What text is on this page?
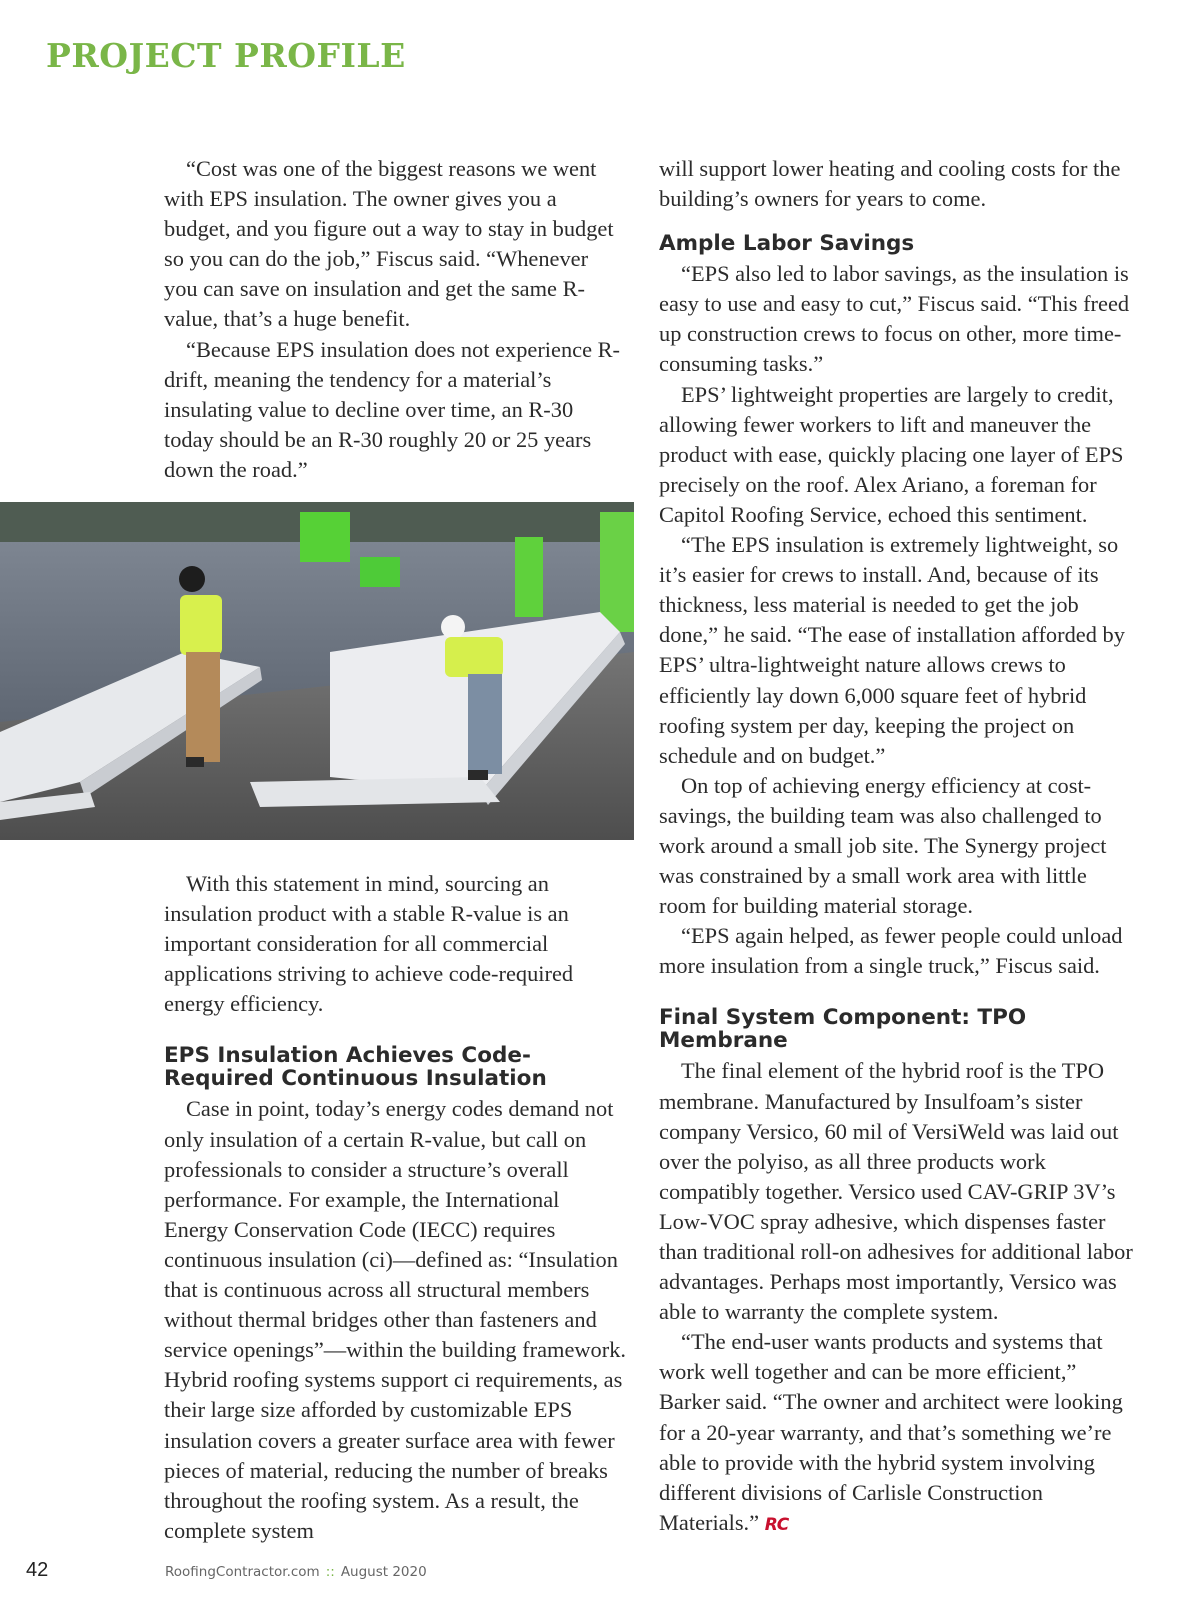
PROJECT PROFILE

“Cost was one of the biggest reasons we went with EPS insulation. The owner gives you a budget, and you figure out a way to stay in budget so you can do the job,” Fiscus said. “Whenever you can save on insulation and get the same R-value, that’s a huge benefit.

“Because EPS insulation does not experience R-drift, meaning the tendency for a material’s insulating value to decline over time, an R-30 today should be an R-30 roughly 20 or 25 years down the road.”

With this statement in mind, sourcing an insulation product with a stable R-value is an important consideration for all commercial applications striving to achieve code-required energy efficiency.

EPS Insulation Achieves Code-Required Continuous Insulation

Case in point, today’s energy codes demand not only insulation of a certain R-value, but call on professionals to consider a structure’s overall performance. For example, the International Energy Conservation Code (IECC) requires continuous insulation (ci)—defined as: “Insulation that is continuous across all structural members without thermal bridges other than fasteners and service openings”—within the building framework. Hybrid roofing systems support ci requirements, as their large size afforded by customizable EPS insulation covers a greater surface area with fewer pieces of material, reducing the number of breaks throughout the roofing system. As a result, the complete system

will support lower heating and cooling costs for the building’s owners for years to come.

Ample Labor Savings

“EPS also led to labor savings, as the insulation is easy to use and easy to cut,” Fiscus said. “This freed up construction crews to focus on other, more time-consuming tasks.”

EPS’ lightweight properties are largely to credit, allowing fewer workers to lift and maneuver the product with ease, quickly placing one layer of EPS precisely on the roof. Alex Ariano, a foreman for Capitol Roofing Service, echoed this sentiment.

“The EPS insulation is extremely lightweight, so it’s easier for crews to install. And, because of its thickness, less material is needed to get the job done,” he said. “The ease of installation afforded by EPS’ ultra-lightweight nature allows crews to efficiently lay down 6,000 square feet of hybrid roofing system per day, keeping the project on schedule and on budget.”

On top of achieving energy efficiency at cost-savings, the building team was also challenged to work around a small job site. The Synergy project was constrained by a small work area with little room for building material storage.

“EPS again helped, as fewer people could unload more insulation from a single truck,” Fiscus said.

Final System Component: TPO Membrane

The final element of the hybrid roof is the TPO membrane. Manufactured by Insulfoam’s sister company Versico, 60 mil of VersiWeld was laid out over the polyiso, as all three products work compatibly together. Versico used CAV-GRIP 3V’s Low-VOC spray adhesive, which dispenses faster than traditional roll-on adhesives for additional labor advantages. Perhaps most importantly, Versico was able to warranty the complete system.

“The end-user wants products and systems that work well together and can be more efficient,” Barker said. “The owner and architect were looking for a 20-year warranty, and that’s something we’re able to provide with the hybrid system involving different divisions of Carlisle Construction Materials.” RC

42	RoofingContractor.com :: August 2020
